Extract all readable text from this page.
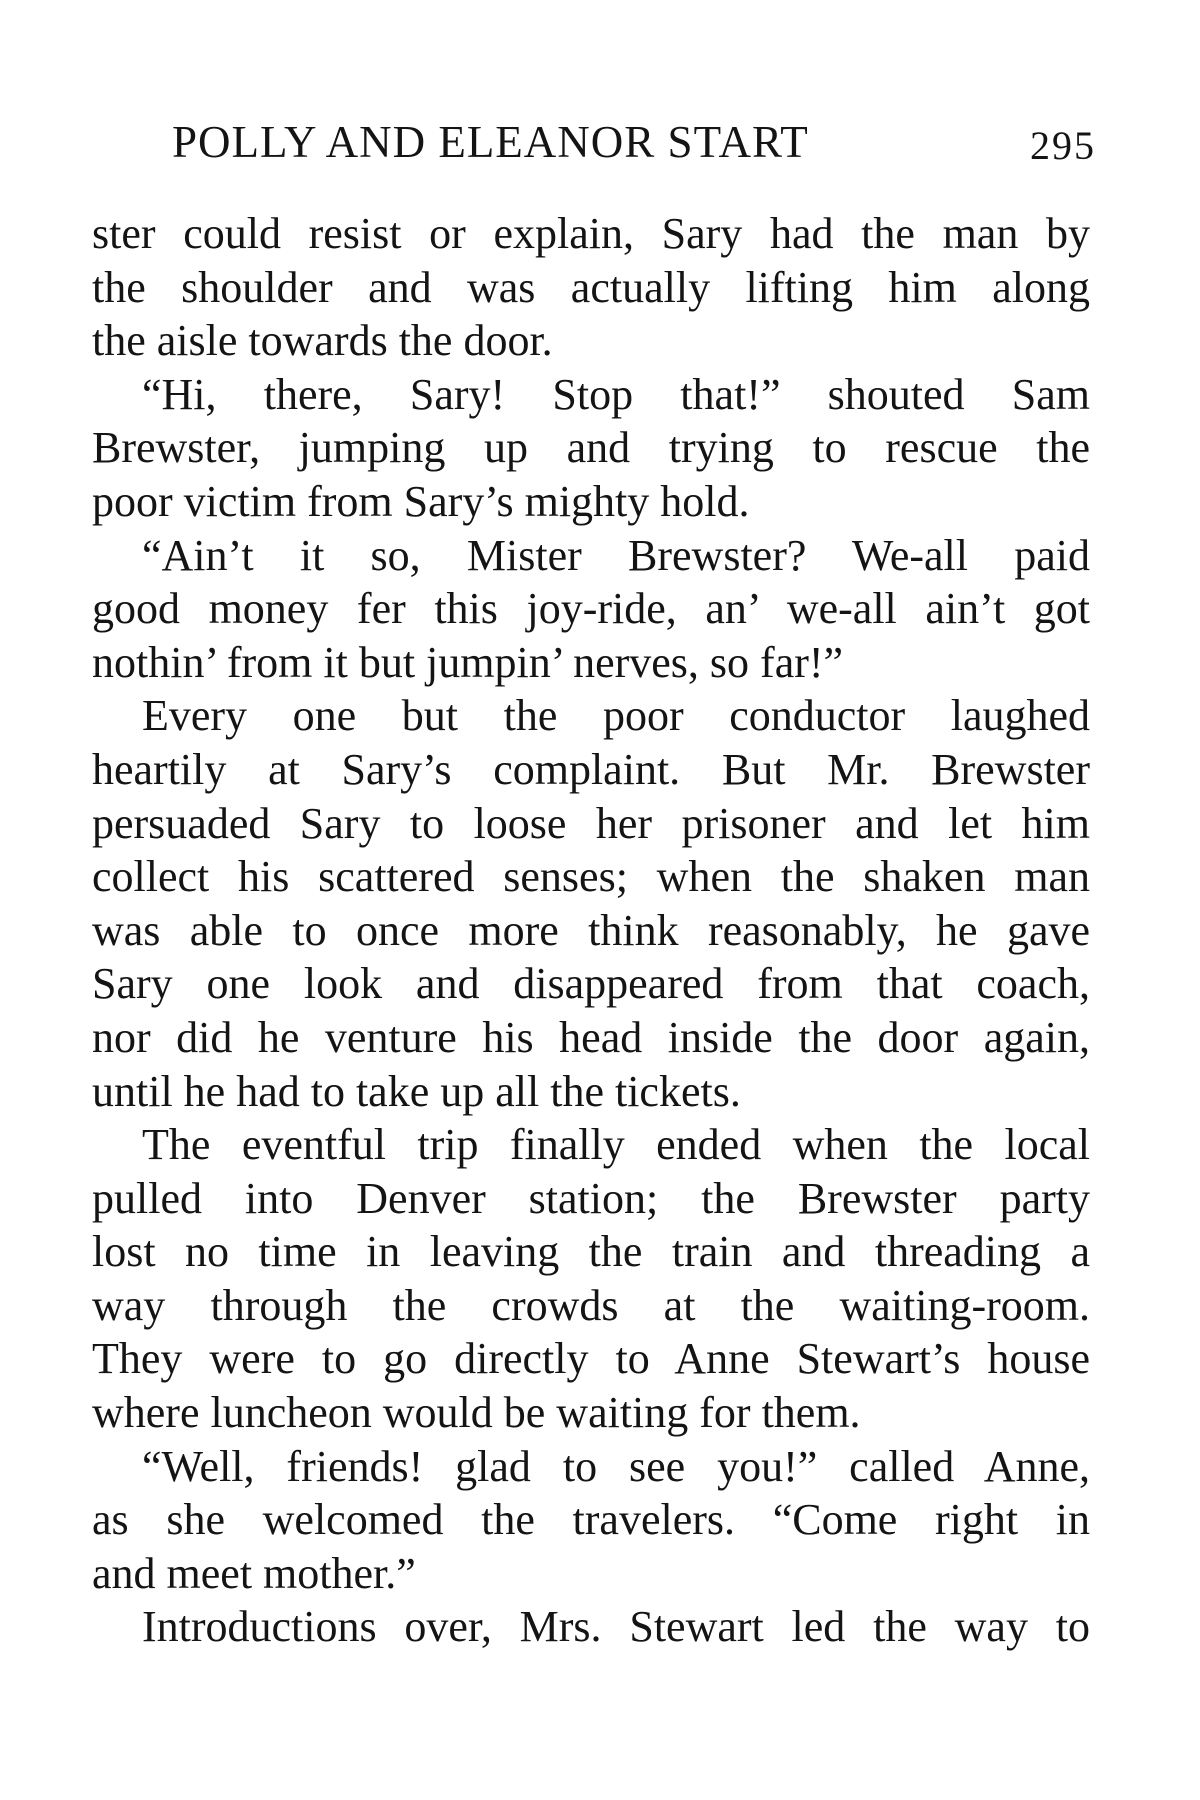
POLLY AND ELEANOR START	295
ster could resist or explain, Sary had the man by
the shoulder and was actually lifting him along
the aisle towards the door.
“Hi, there, Sary! Stop that!” shouted Sam
Brewster, jumping up and trying to rescue the
poor victim from Sary’s mighty hold.
“Ain’t it so, Mister Brewster? We-all paid
good money fer this joy-ride, an’ we-all ain’t got
nothin’ from it but jumpin’ nerves, so far!”
Every one but the poor conductor laughed
heartily at Sary’s complaint. But Mr. Brewster
persuaded Sary to loose her prisoner and let him
collect his scattered senses; when the shaken man
was able to once more think reasonably, he gave
Sary one look and disappeared from that coach,
nor did he venture his head inside the door again,
until he had to take up all the tickets.
The eventful trip finally ended when the local
pulled into Denver station; the Brewster party
lost no time in leaving the train and threading a
way through the crowds at the waiting-room.
They were to go directly to Anne Stewart’s house
where luncheon would be waiting for them.
“Well, friends! glad to see you!” called Anne,
as she welcomed the travelers. “Come right in
and meet mother.”
Introductions over, Mrs. Stewart led the way to
